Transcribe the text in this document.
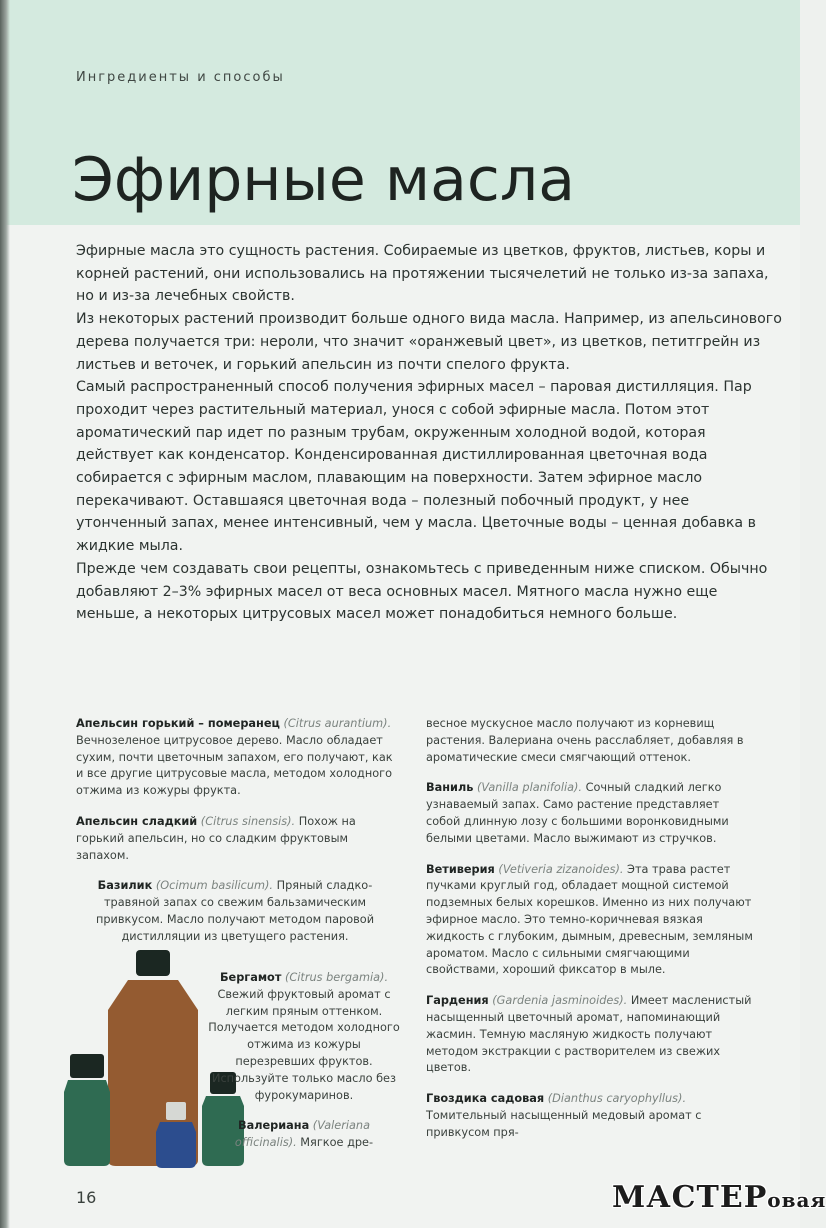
Ингредиенты и способы
Эфирные масла

Эфирные масла это сущность растения. Собираемые из цветков, фруктов, листьев, коры и корней растений, они использовались на протяжении тысячелетий не только из-за запаха, но и из-за лечебных свойств.

Из некоторых растений производит больше одного вида масла. Например, из апельсинового дерева получается три: нероли, что значит «оранжевый цвет», из цветков, петитгрейн из листьев и веточек, и горький апельсин из почти спелого фрукта.

Самый распространенный способ получения эфирных масел – паровая дистилляция. Пар проходит через растительный материал, унося с собой эфирные масла. Потом этот ароматический пар идет по разным трубам, окруженным холодной водой, которая действует как конденсатор. Конденсированная дистиллированная цветочная вода собирается с эфирным маслом, плавающим на поверхности. Затем эфирное масло перекачивают. Оставшаяся цветочная вода – полезный побочный продукт, у нее утонченный запах, менее интенсивный, чем у масла. Цветочные воды – ценная добавка в жидкие мыла.

Прежде чем создавать свои рецепты, ознакомьтесь с приведенным ниже списком. Обычно добавляют 2–3% эфирных масел от веса основных масел. Мятного масла нужно еще меньше, а некоторых цитрусовых масел может понадобиться немного больше.

Апельсин горький – померанец (Citrus aurantium). Вечнозеленое цитрусовое дерево. Масло обладает сухим, почти цветочным запахом, его получают, как и все другие цитрусовые масла, методом холодного отжима из кожуры фрукта.

Апельсин сладкий (Citrus sinensis). Похож на горький апельсин, но со сладким фруктовым запахом.

Базилик (Ocimum basilicum). Пряный сладко-травяной запах со свежим бальзамическим привкусом. Масло получают методом паровой дистилляции из цветущего растения.

Бергамот (Citrus bergamia). Свежий фруктовый аромат с легким пряным оттенком. Получается методом холодного отжима из кожуры перезревших фруктов. Используйте только масло без фурокумаринов.

Валериана (Valeriana officinalis). Мягкое дре-

весное мускусное масло получают из корневищ растения. Валериана очень расслабляет, добавляя в ароматические смеси смягчающий оттенок.

Ваниль (Vanilla planifolia). Сочный сладкий легко узнаваемый запах. Само растение представляет собой длинную лозу с большими воронковидными белыми цветами. Масло выжимают из стручков.

Ветиверия (Vetiveria zizanoides). Эта трава растет пучками круглый год, обладает мощной системой подземных белых корешков. Именно из них получают эфирное масло. Это темно-коричневая вязкая жидкость с глубоким, дымным, древесным, земляным ароматом. Масло с сильными смягчающими свойствами, хороший фиксатор в мыле.

Гардения (Gardenia jasminoides). Имеет масленистый насыщенный цветочный аромат, напоминающий жасмин. Темную масляную жидкость получают методом экстракции с растворителем из свежих цветов.

Гвоздика садовая (Dianthus caryophyllus). Томительный насыщенный медовый аромат с привкусом пря-

16	МАСТЕРовая
